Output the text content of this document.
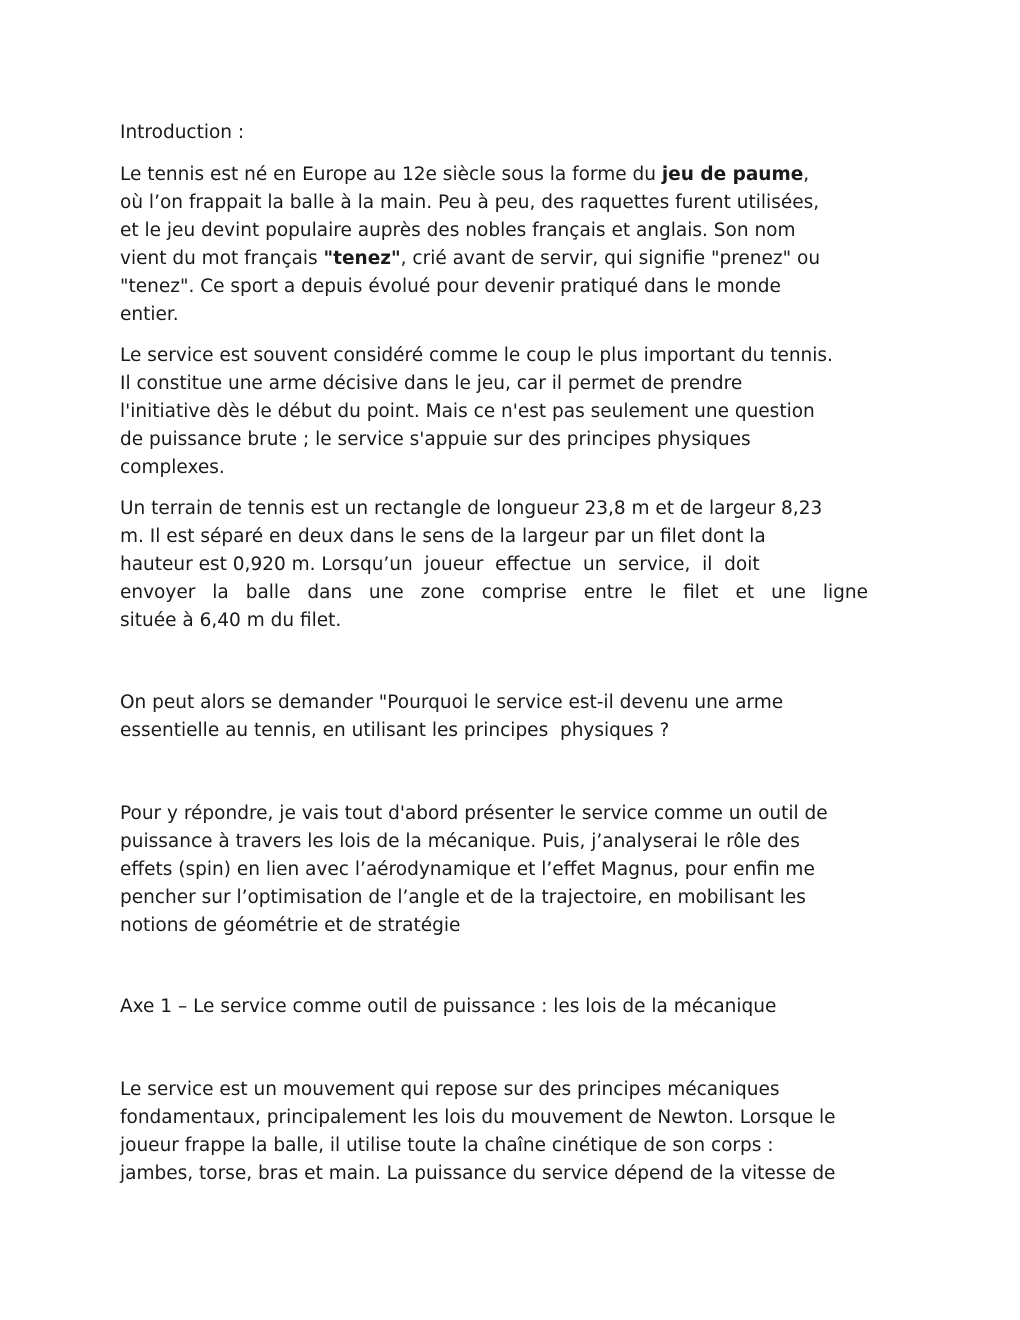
Introduction :
Le tennis est né en Europe au 12e siècle sous la forme du jeu de paume,
où l’on frappait la balle à la main. Peu à peu, des raquettes furent utilisées,
et le jeu devint populaire auprès des nobles français et anglais. Son nom
vient du mot français "tenez", crié avant de servir, qui signifie "prenez" ou
"tenez". Ce sport a depuis évolué pour devenir pratiqué dans le monde
entier.
Le service est souvent considéré comme le coup le plus important du tennis.
Il constitue une arme décisive dans le jeu, car il permet de prendre
l'initiative dès le début du point. Mais ce n'est pas seulement une question
de puissance brute ; le service s'appuie sur des principes physiques
complexes.
Un terrain de tennis est un rectangle de longueur 23,8 m et de largeur 8,23
m. Il est séparé en deux dans le sens de la largeur par un filet dont la
hauteur est 0,920 m. Lorsqu’un  joueur  effectue  un  service,  il  doit
envoyer la balle dans une zone comprise entre le filet et une ligne
située à 6,40 m du filet.
On peut alors se demander "Pourquoi le service est-il devenu une arme
essentielle au tennis, en utilisant les principes  physiques ?
Pour y répondre, je vais tout d'abord présenter le service comme un outil de
puissance à travers les lois de la mécanique. Puis, j’analyserai le rôle des
effets (spin) en lien avec l’aérodynamique et l’effet Magnus, pour enfin me
pencher sur l’optimisation de l’angle et de la trajectoire, en mobilisant les
notions de géométrie et de stratégie
Axe 1 – Le service comme outil de puissance : les lois de la mécanique
Le service est un mouvement qui repose sur des principes mécaniques
fondamentaux, principalement les lois du mouvement de Newton. Lorsque le
joueur frappe la balle, il utilise toute la chaîne cinétique de son corps :
jambes, torse, bras et main. La puissance du service dépend de la vitesse de
